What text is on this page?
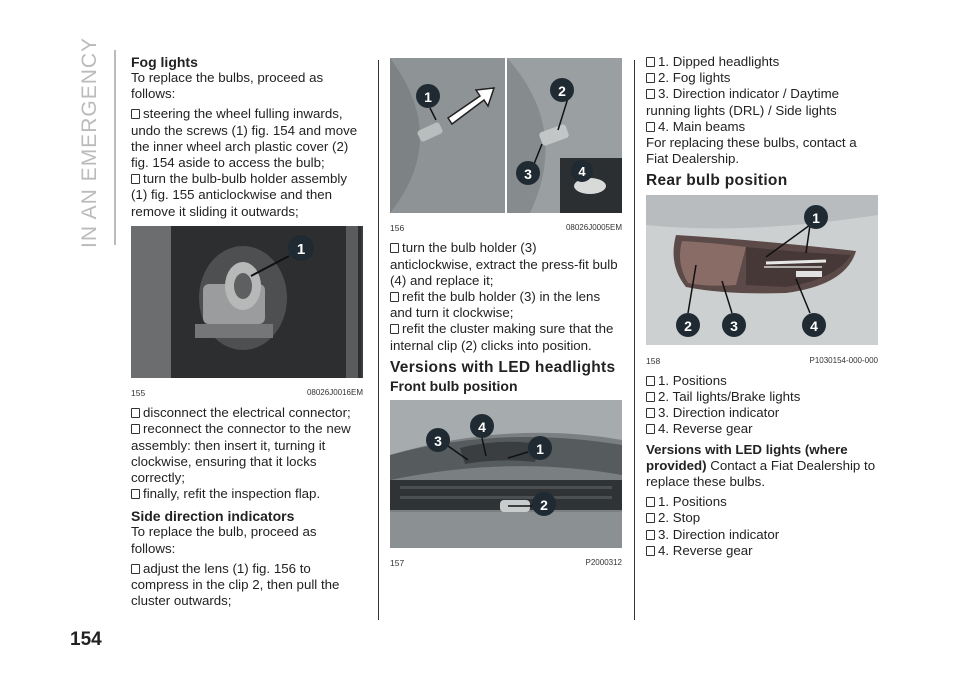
IN AN EMERGENCY
154
Fog lights

To replace the bulbs, proceed as follows:

steering the wheel fulling inwards, undo the screws (1) fig. 154 and move the inner wheel arch plastic cover (2) fig. 154 aside to access the bulb;

turn the bulb-bulb holder assembly (1) fig. 155 anticlockwise and then remove it sliding it outwards;

1
155	08026J0016EM

disconnect the electrical connector;

reconnect the connector to the new assembly: then insert it, turning it clockwise, ensuring that it locks correctly;

finally, refit the inspection flap.

Side direction indicators

To replace the bulb, proceed as follows:

adjust the lens (1) fig. 156 to compress in the clip 2, then pull the cluster outwards;

1	2
3	4
156	08026J0005EM

turn the bulb holder (3) anticlockwise, extract the press-fit bulb (4) and replace it;

refit the bulb holder (3) in the lens and turn it clockwise;

refit the cluster making sure that the internal clip (2) clicks into position.

Versions with LED headlights
Front bulb position
3
4
1
2
157	P2000312

1. Dipped headlights

2. Fog lights

3. Direction indicator / Daytime running lights (DRL) / Side lights

4. Main beams

For replacing these bulbs, contact a Fiat Dealership.

Rear bulb position
1
2	3	4
158	P1030154-000-000

1. Positions

2. Tail lights/Brake lights

3. Direction indicator

4. Reverse gear

Versions with LED lights (where provided) Contact a Fiat Dealership to replace these bulbs.

1. Positions

2. Stop

3. Direction indicator

4. Reverse gear
